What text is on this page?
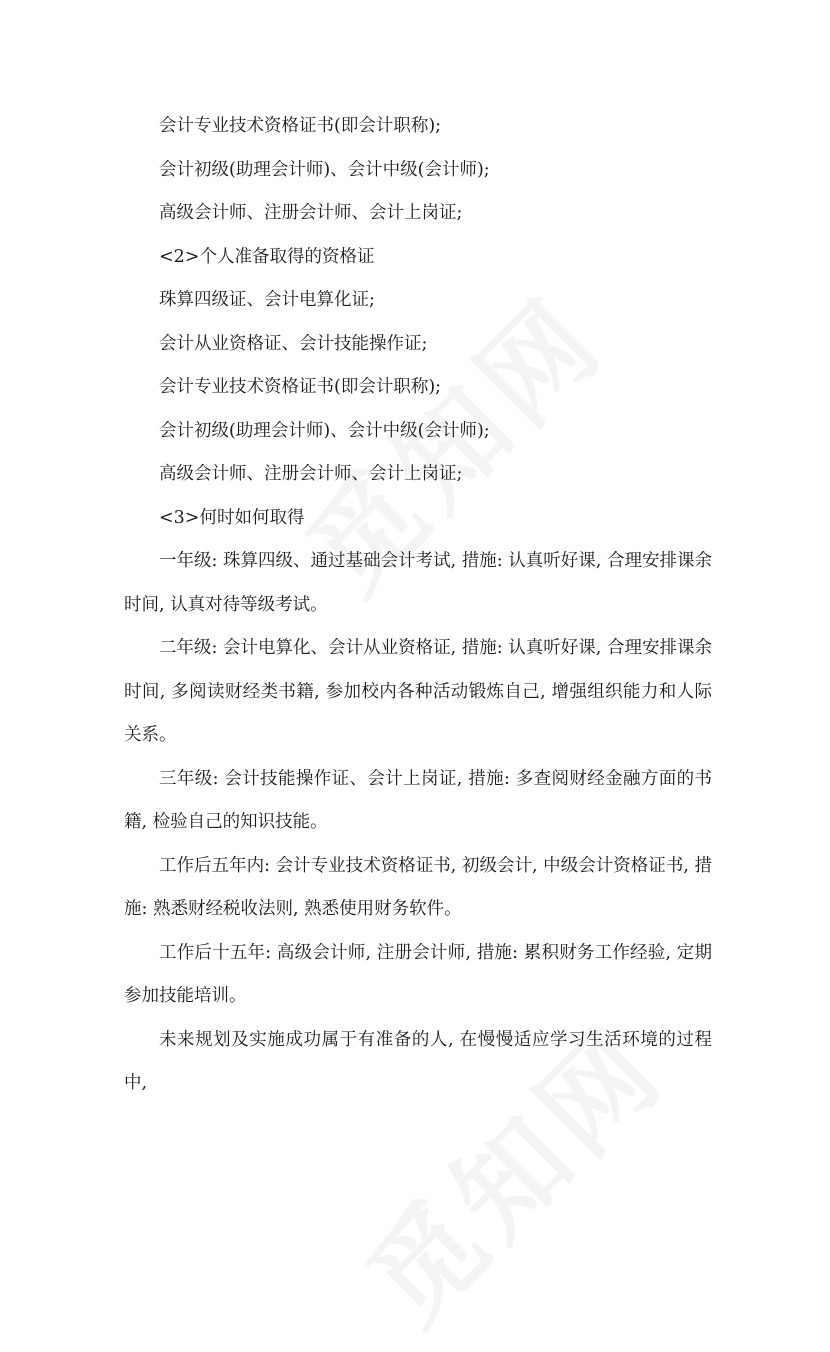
会计专业技术资格证书(即会计职称);

会计初级(助理会计师)、会计中级(会计师);

高级会计师、注册会计师、会计上岗证;

<2>个人准备取得的资格证

珠算四级证、会计电算化证;

会计从业资格证、会计技能操作证;

会计专业技术资格证书(即会计职称);

会计初级(助理会计师)、会计中级(会计师);

高级会计师、注册会计师、会计上岗证;

<3>何时如何取得

一年级: 珠算四级、通过基础会计考试, 措施: 认真听好课, 合理安排课余时间, 认真对待等级考试。

二年级: 会计电算化、会计从业资格证, 措施: 认真听好课, 合理安排课余时间, 多阅读财经类书籍, 参加校内各种活动锻炼自己, 增强组织能力和人际关系。

三年级: 会计技能操作证、会计上岗证, 措施: 多查阅财经金融方面的书籍, 检验自己的知识技能。

工作后五年内: 会计专业技术资格证书, 初级会计, 中级会计资格证书, 措施: 熟悉财经税收法则, 熟悉使用财务软件。

工作后十五年: 高级会计师, 注册会计师, 措施: 累积财务工作经验, 定期参加技能培训。

未来规划及实施成功属于有准备的人, 在慢慢适应学习生活环境的过程中,
